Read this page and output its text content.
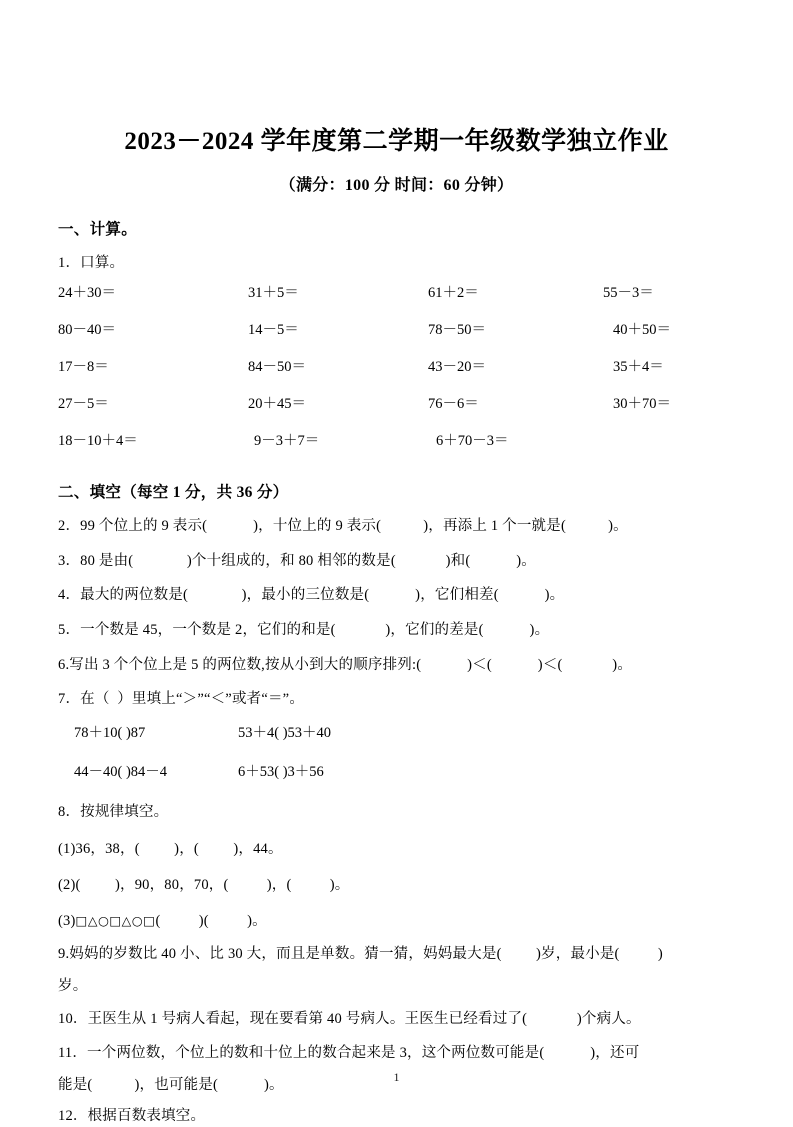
2023－2024 学年度第二学期一年级数学独立作业
（满分：100 分 时间：60 分钟）
一、计算。
1．口算。
24＋30＝	31＋5＝	61＋2＝	55－3＝
80－40＝	14－5＝	78－50＝	40＋50＝
17－8＝	84－50＝	43－20＝	35＋4＝
27－5＝	20＋45＝	76－6＝	30＋70＝
18－10＋4＝	9－3＋7＝	6＋70－3＝
二、填空（每空 1 分，共 36 分）
2．99 个位上的 9 表示(            )，十位上的 9 表示(           )，再添上 1 个一就是(           )。
3．80 是由(              )个十组成的，和 80 相邻的数是(             )和(            )。
4．最大的两位数是(              )，最小的三位数是(            )，它们相差(            )。
5．一个数是 45，一个数是 2，它们的和是(             )，它们的差是(            )。
6.写出 3 个个位上是 5 的两位数,按从小到大的顺序排列:(            )＜(            )＜(             )。
7．在（  ）里填上“＞”“＜”或者“＝”。
78＋10( )87	53＋4( )53＋40
44－40( )84－4	6＋53( )3＋56
8．按规律填空。
(1)36，38，(         )，(         )，44。
(2)(         )，90，80，70，(          )，(          )。
(3)□△○□△○□(          )(          )。
9.妈妈的岁数比 40 小、比 30 大，而且是单数。猜一猜，妈妈最大是(         )岁，最小是(          )
岁。
10．王医生从 1 号病人看起，现在要看第 40 号病人。王医生已经看过了(             )个病人。
11．一个两位数，个位上的数和十位上的数合起来是 3，这个两位数可能是(            )，还可
能是(           )，也可能是(            )。
12．根据百数表填空。
1
